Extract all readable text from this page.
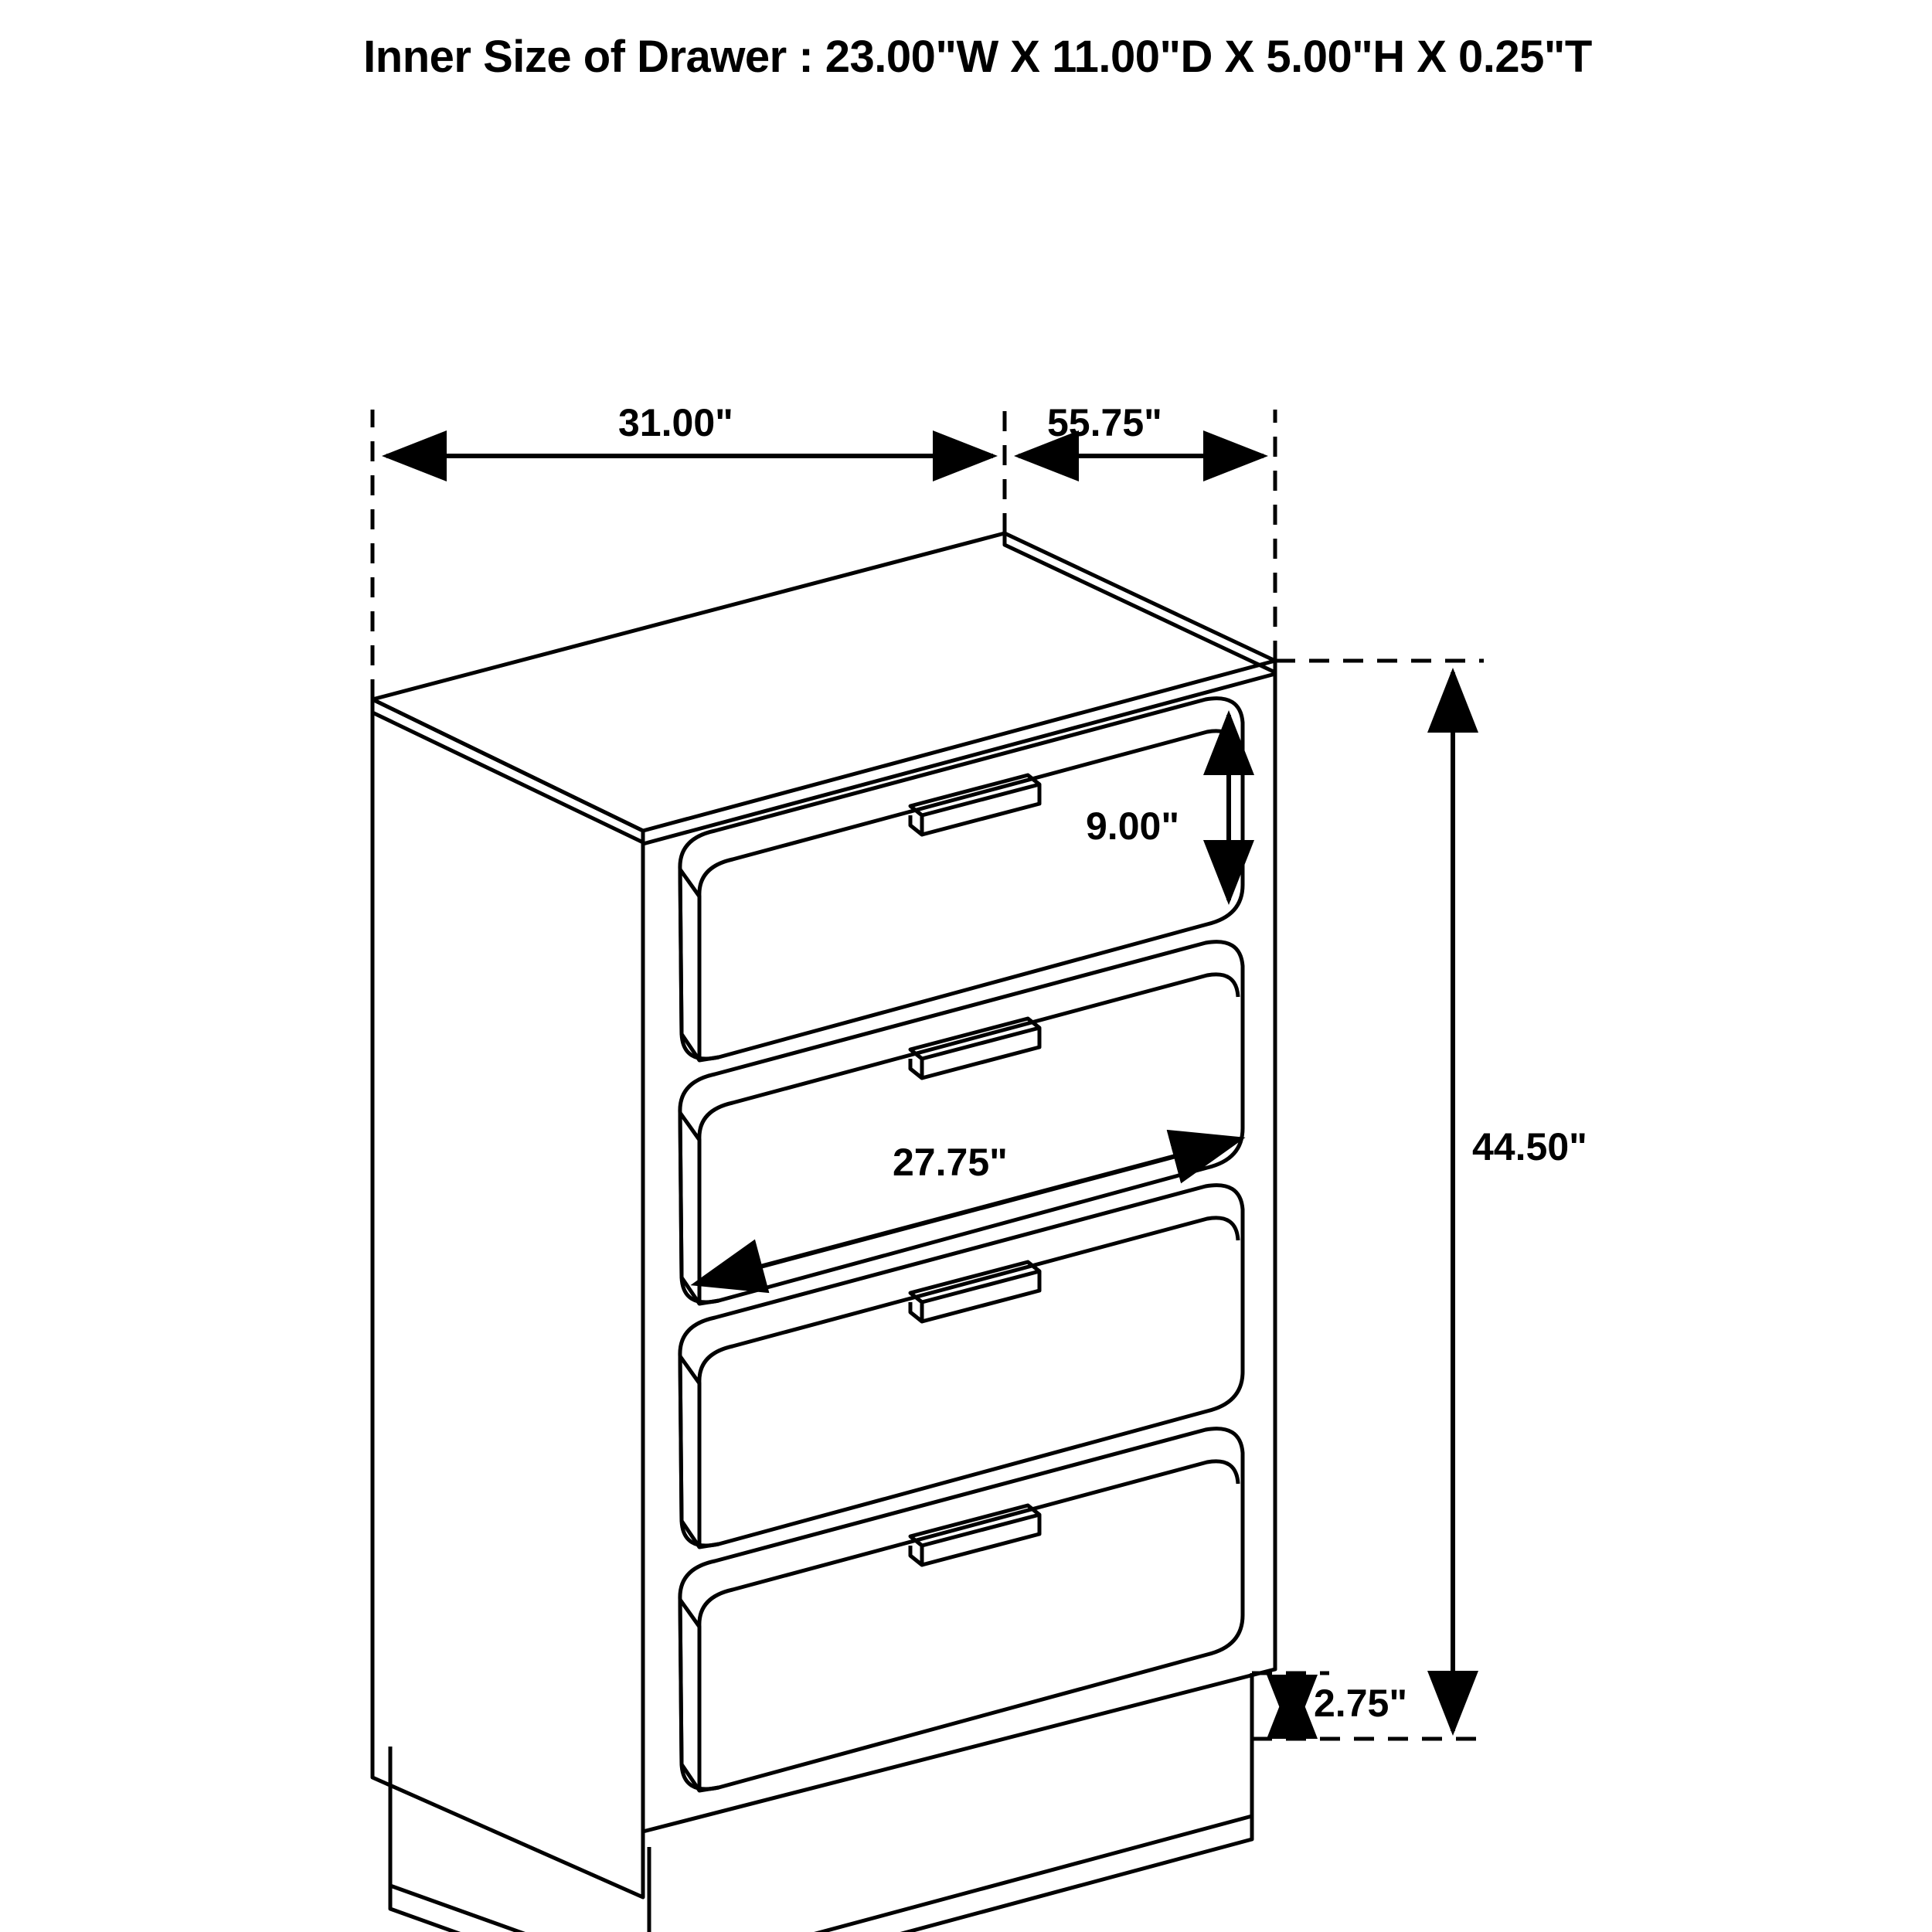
Inner Size of Drawer : 23.00"W X 11.00"D X 5.00"H X 0.25"T
31.00"	55.75"
9.00"
27.75"	44.50"
2.75"
